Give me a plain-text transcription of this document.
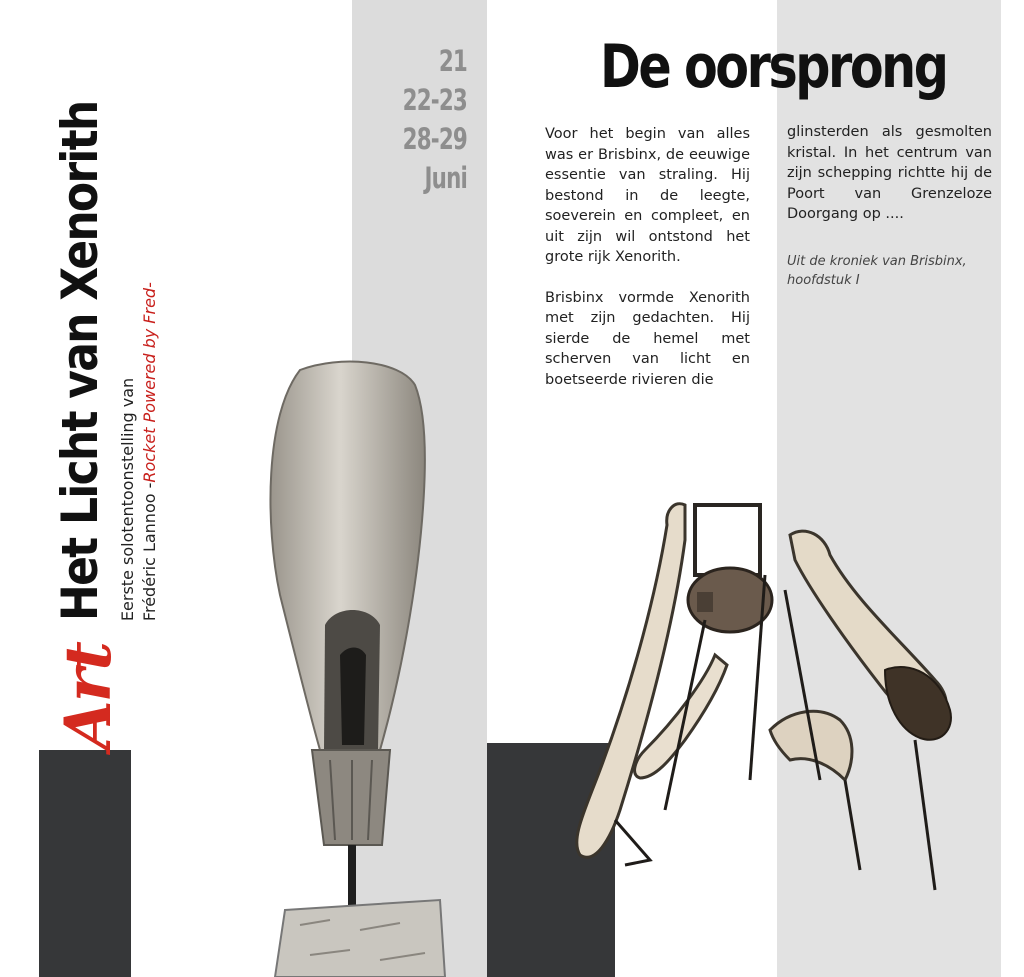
Art
Het Licht van Xenorith Eerste solotentoonstelling van Frédéric Lannoo -Rocket Powered by Fred-
21
22-23
28-29
Juni
De oorsprong

Voor het begin van alles was er Brisbinx, de eeuwige essentie van straling. Hij bestond in de leegte, soeverein en compleet, en uit zijn wil ontstond het grote rijk Xenorith.

Brisbinx vormde Xenorith met zijn gedachten. Hij sierde de hemel met scherven van licht en boetseerde rivieren die

glinsterden als gesmolten kristal. In het centrum van zijn schepping richtte hij de Poort van Grenzeloze Doorgang op ....

Uit de kroniek van Brisbinx, hoofdstuk I
